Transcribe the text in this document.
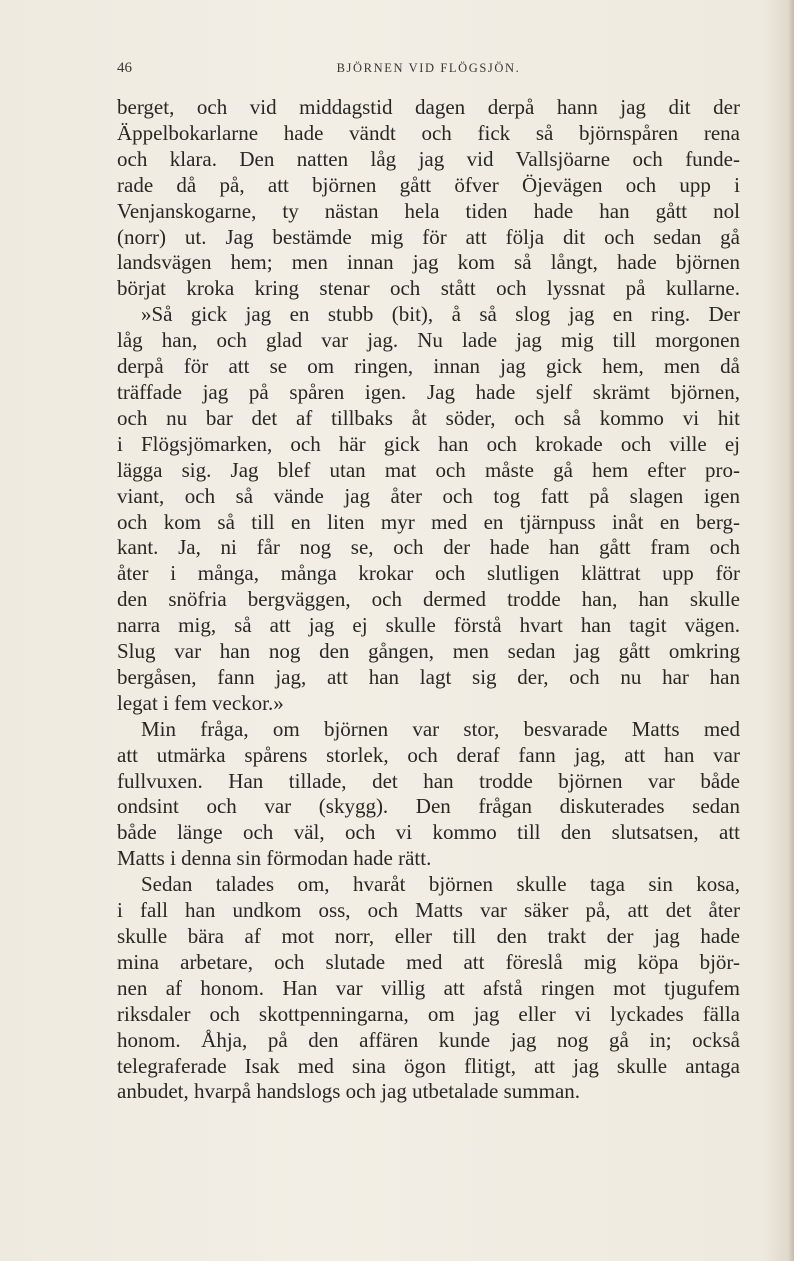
46	BJÖRNEN VID FLÖGSJÖN.
berget, och vid middagstid dagen derpå hann jag dit der
Äppelbokarlarne hade vändt och fick så björnspåren rena
och klara. Den natten låg jag vid Vallsjöarne och funde-
rade då på, att björnen gått öfver Öjevägen och upp i
Venjanskogarne, ty nästan hela tiden hade han gått nol
(norr) ut. Jag bestämde mig för att följa dit och sedan gå
landsvägen hem; men innan jag kom så långt, hade björnen
börjat kroka kring stenar och stått och lyssnat på kullarne.
»Så gick jag en stubb (bit), å så slog jag en ring. Der
låg han, och glad var jag. Nu lade jag mig till morgonen
derpå för att se om ringen, innan jag gick hem, men då
träffade jag på spåren igen. Jag hade sjelf skrämt björnen,
och nu bar det af tillbaks åt söder, och så kommo vi hit
i Flögsjömarken, och här gick han och krokade och ville ej
lägga sig. Jag blef utan mat och måste gå hem efter pro-
viant, och så vände jag åter och tog fatt på slagen igen
och kom så till en liten myr med en tjärnpuss inåt en berg-
kant. Ja, ni får nog se, och der hade han gått fram och
åter i många, många krokar och slutligen klättrat upp för
den snöfria bergväggen, och dermed trodde han, han skulle
narra mig, så att jag ej skulle förstå hvart han tagit vägen.
Slug var han nog den gången, men sedan jag gått omkring
bergåsen, fann jag, att han lagt sig der, och nu har han
legat i fem veckor.»
Min fråga, om björnen var stor, besvarade Matts med
att utmärka spårens storlek, och deraf fann jag, att han var
fullvuxen. Han tillade, det han trodde björnen var både
ondsint och var (skygg). Den frågan diskuterades sedan
både länge och väl, och vi kommo till den slutsatsen, att
Matts i denna sin förmodan hade rätt.
Sedan talades om, hvaråt björnen skulle taga sin kosa,
i fall han undkom oss, och Matts var säker på, att det åter
skulle bära af mot norr, eller till den trakt der jag hade
mina arbetare, och slutade med att föreslå mig köpa björ-
nen af honom. Han var villig att afstå ringen mot tjugufem
riksdaler och skottpenningarna, om jag eller vi lyckades fälla
honom. Åhja, på den affären kunde jag nog gå in; också
telegraferade Isak med sina ögon flitigt, att jag skulle antaga
anbudet, hvarpå handslogs och jag utbetalade summan.
